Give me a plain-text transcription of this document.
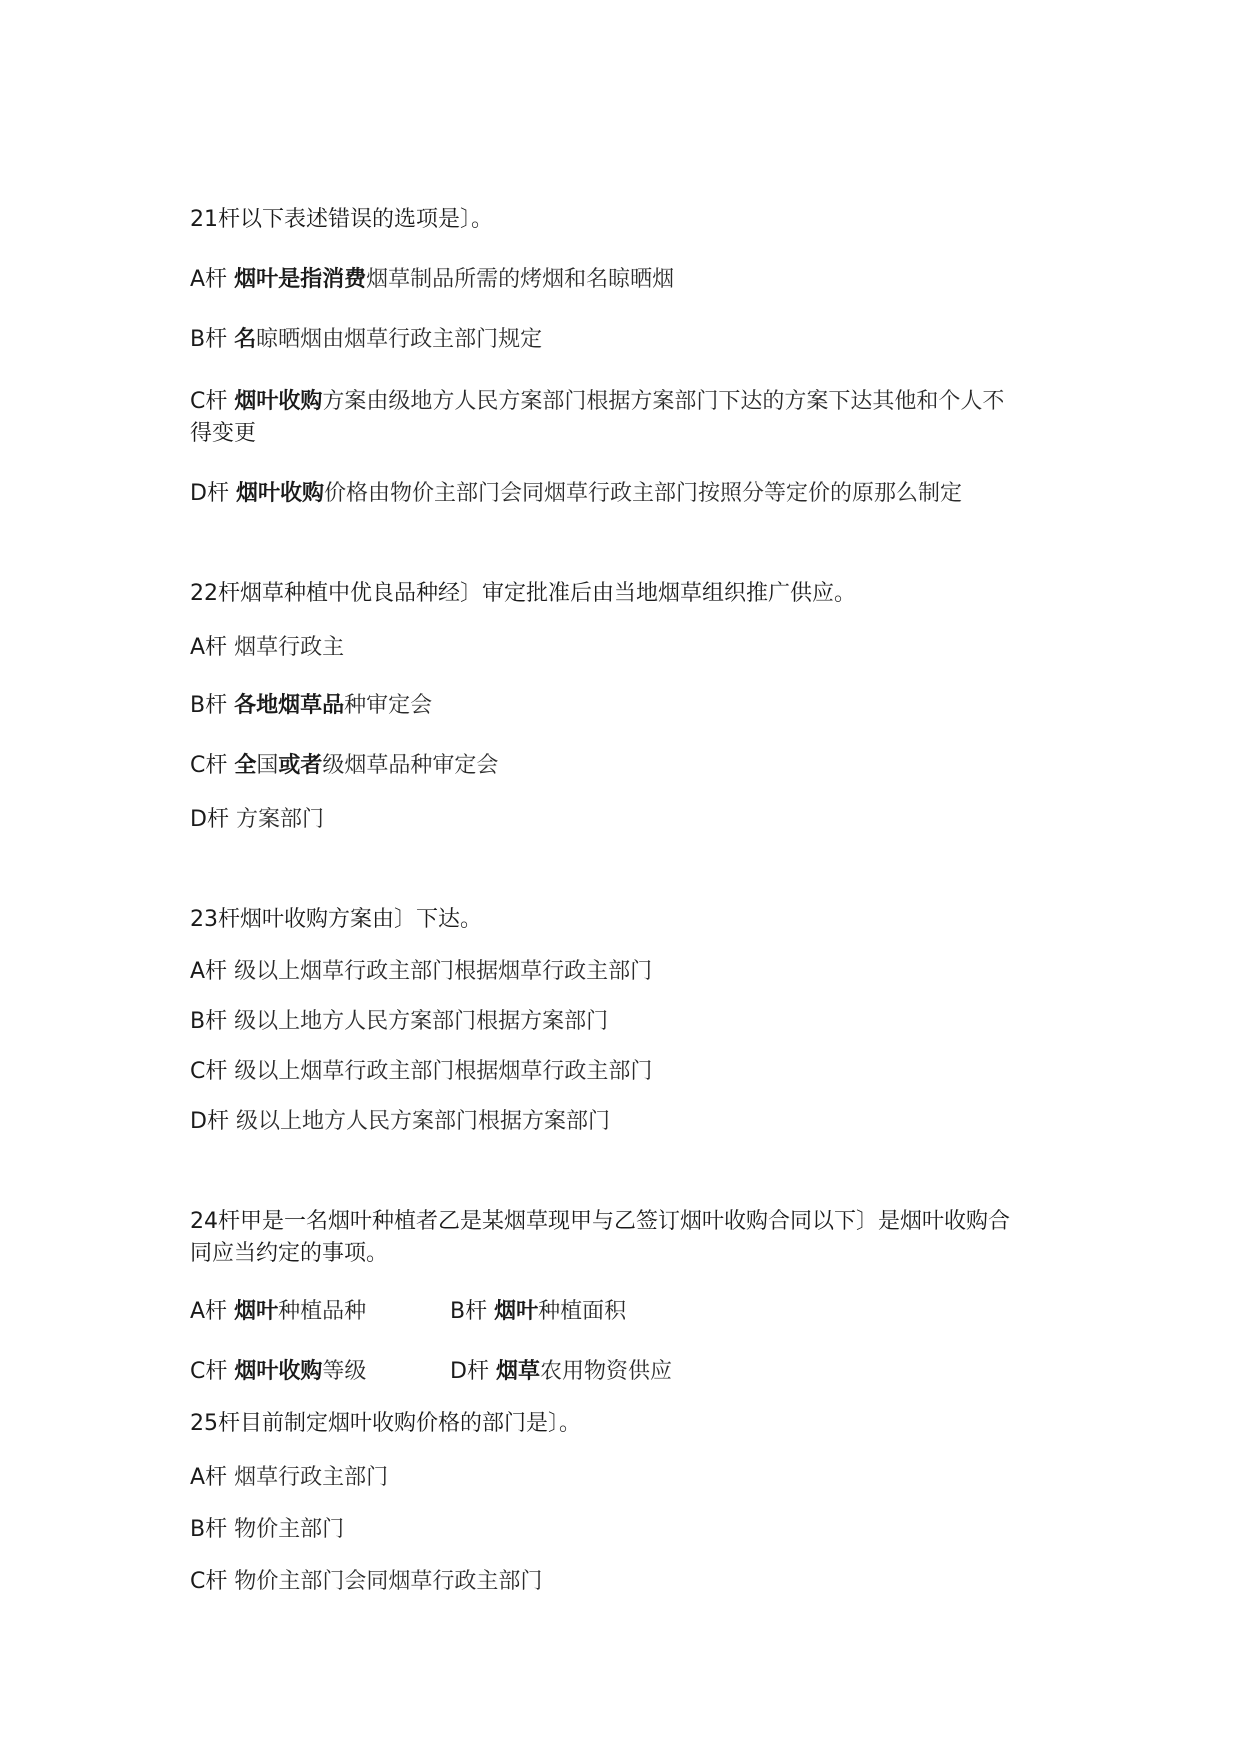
21杆以下表述错误的选项是〕。
A杆 烟叶是指消费烟草制品所需的烤烟和名晾晒烟
B杆 名晾晒烟由烟草行政主部门规定
C杆 烟叶收购方案由级地方人民方案部门根据方案部门下达的方案下达其他和个人不
得变更
D杆 烟叶收购价格由物价主部门会同烟草行政主部门按照分等定价的原那么制定
22杆烟草种植中优良品种经〕审定批准后由当地烟草组织推广供应。
A杆 烟草行政主
B杆 各地烟草品种审定会
C杆 全国或者级烟草品种审定会
D杆 方案部门
23杆烟叶收购方案由〕下达。
A杆 级以上烟草行政主部门根据烟草行政主部门
B杆 级以上地方人民方案部门根据方案部门
C杆 级以上烟草行政主部门根据烟草行政主部门
D杆 级以上地方人民方案部门根据方案部门
24杆甲是一名烟叶种植者乙是某烟草现甲与乙签订烟叶收购合同以下〕是烟叶收购合
同应当约定的事项。
A杆 烟叶种植品种	B杆 烟叶种植面积
C杆 烟叶收购等级	D杆 烟草农用物资供应
25杆目前制定烟叶收购价格的部门是〕。
A杆 烟草行政主部门
B杆 物价主部门
C杆 物价主部门会同烟草行政主部门
